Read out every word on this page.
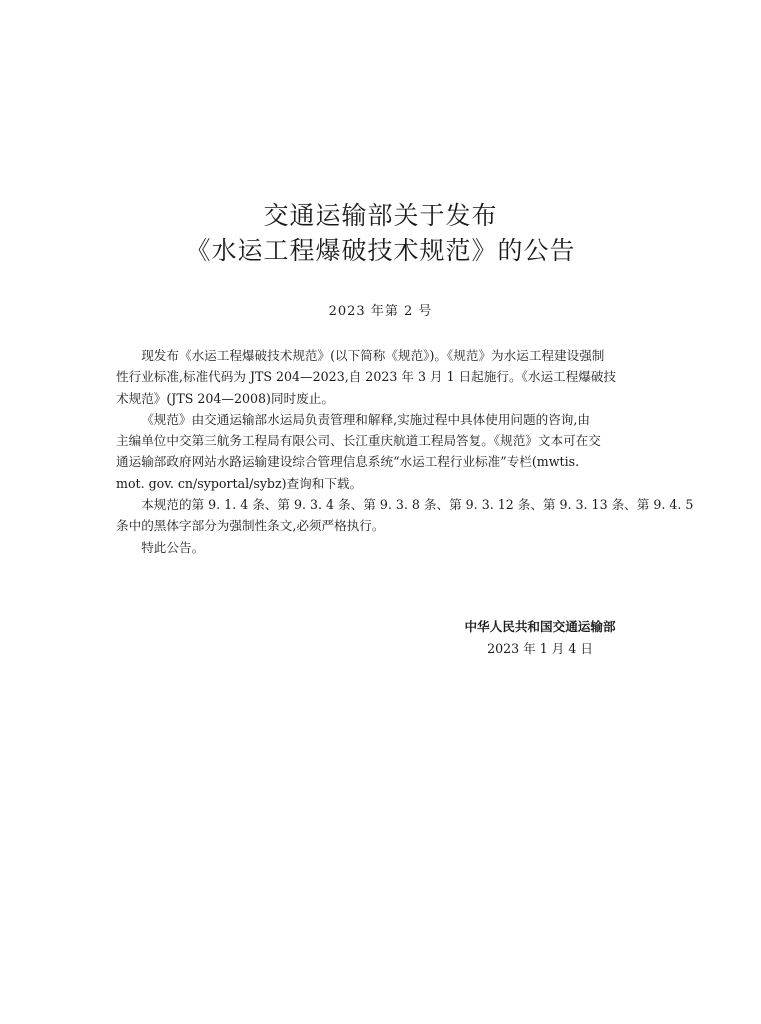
交通运输部关于发布
《水运工程爆破技术规范》的公告
2023 年第 2 号

现发布《水运工程爆破技术规范》(以下简称《规范》)。《规范》为水运工程建设强制
性行业标准,标准代码为 JTS 204—2023,自 2023 年 3 月 1 日起施行。《水运工程爆破技
术规范》(JTS 204—2008)同时废止。

《规范》由交通运输部水运局负责管理和解释,实施过程中具体使用问题的咨询,由
主编单位中交第三航务工程局有限公司、长江重庆航道工程局答复。《规范》文本可在交
通运输部政府网站水路运输建设综合管理信息系统“水运工程行业标准”专栏(mwtis.
mot. gov. cn/syportal/sybz)查询和下载。

本规范的第 9. 1. 4 条、第 9. 3. 4 条、第 9. 3. 8 条、第 9. 3. 12 条、第 9. 3. 13 条、第 9. 4. 5
条中的黑体字部分为强制性条文,必须严格执行。

特此公告。

中华人民共和国交通运输部
2023 年 1 月 4 日
